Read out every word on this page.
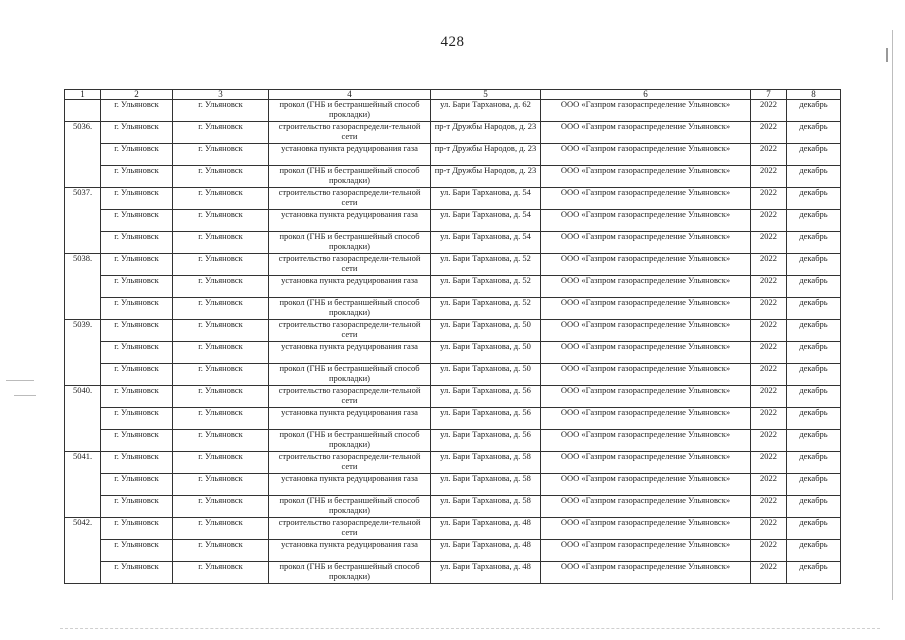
428
1	2	3	4	5	6	7	8
	г. Ульяновск	г. Ульяновск	прокол (ГНБ и бестраншейный способ прокладки)	ул. Бари Тарханова, д. 62	ООО «Газпром газораспределение Ульяновск»	2022	декабрь
5036.	г. Ульяновск	г. Ульяновск	строительство газораспредели-тельной сети	пр-т Дружбы Народов, д. 23	ООО «Газпром газораспределение Ульяновск»	2022	декабрь
	г. Ульяновск	г. Ульяновск	установка пункта редуцирования газа	пр-т Дружбы Народов, д. 23	ООО «Газпром газораспределение Ульяновск»	2022	декабрь
	г. Ульяновск	г. Ульяновск	прокол (ГНБ и бестраншейный способ прокладки)	пр-т Дружбы Народов, д. 23	ООО «Газпром газораспределение Ульяновск»	2022	декабрь
5037.	г. Ульяновск	г. Ульяновск	строительство газораспредели-тельной сети	ул. Бари Тарханова, д. 54	ООО «Газпром газораспределение Ульяновск»	2022	декабрь
	г. Ульяновск	г. Ульяновск	установка пункта редуцирования газа	ул. Бари Тарханова, д. 54	ООО «Газпром газораспределение Ульяновск»	2022	декабрь
	г. Ульяновск	г. Ульяновск	прокол (ГНБ и бестраншейный способ прокладки)	ул. Бари Тарханова, д. 54	ООО «Газпром газораспределение Ульяновск»	2022	декабрь
5038.	г. Ульяновск	г. Ульяновск	строительство газораспредели-тельной сети	ул. Бари Тарханова, д. 52	ООО «Газпром газораспределение Ульяновск»	2022	декабрь
	г. Ульяновск	г. Ульяновск	установка пункта редуцирования газа	ул. Бари Тарханова, д. 52	ООО «Газпром газораспределение Ульяновск»	2022	декабрь
	г. Ульяновск	г. Ульяновск	прокол (ГНБ и бестраншейный способ прокладки)	ул. Бари Тарханова, д. 52	ООО «Газпром газораспределение Ульяновск»	2022	декабрь
5039.	г. Ульяновск	г. Ульяновск	строительство газораспредели-тельной сети	ул. Бари Тарханова, д. 50	ООО «Газпром газораспределение Ульяновск»	2022	декабрь
	г. Ульяновск	г. Ульяновск	установка пункта редуцирования газа	ул. Бари Тарханова, д. 50	ООО «Газпром газораспределение Ульяновск»	2022	декабрь
	г. Ульяновск	г. Ульяновск	прокол (ГНБ и бестраншейный способ прокладки)	ул. Бари Тарханова, д. 50	ООО «Газпром газораспределение Ульяновск»	2022	декабрь
5040.	г. Ульяновск	г. Ульяновск	строительство газораспредели-тельной сети	ул. Бари Тарханова, д. 56	ООО «Газпром газораспределение Ульяновск»	2022	декабрь
	г. Ульяновск	г. Ульяновск	установка пункта редуцирования газа	ул. Бари Тарханова, д. 56	ООО «Газпром газораспределение Ульяновск»	2022	декабрь
	г. Ульяновск	г. Ульяновск	прокол (ГНБ и бестраншейный способ прокладки)	ул. Бари Тарханова, д. 56	ООО «Газпром газораспределение Ульяновск»	2022	декабрь
5041.	г. Ульяновск	г. Ульяновск	строительство газораспредели-тельной сети	ул. Бари Тарханова, д. 58	ООО «Газпром газораспределение Ульяновск»	2022	декабрь
	г. Ульяновск	г. Ульяновск	установка пункта редуцирования газа	ул. Бари Тарханова, д. 58	ООО «Газпром газораспределение Ульяновск»	2022	декабрь
	г. Ульяновск	г. Ульяновск	прокол (ГНБ и бестраншейный способ прокладки)	ул. Бари Тарханова, д. 58	ООО «Газпром газораспределение Ульяновск»	2022	декабрь
5042.	г. Ульяновск	г. Ульяновск	строительство газораспредели-тельной сети	ул. Бари Тарханова, д. 48	ООО «Газпром газораспределение Ульяновск»	2022	декабрь
	г. Ульяновск	г. Ульяновск	установка пункта редуцирования газа	ул. Бари Тарханова, д. 48	ООО «Газпром газораспределение Ульяновск»	2022	декабрь
	г. Ульяновск	г. Ульяновск	прокол (ГНБ и бестраншейный способ прокладки)	ул. Бари Тарханова, д. 48	ООО «Газпром газораспределение Ульяновск»	2022	декабрь
